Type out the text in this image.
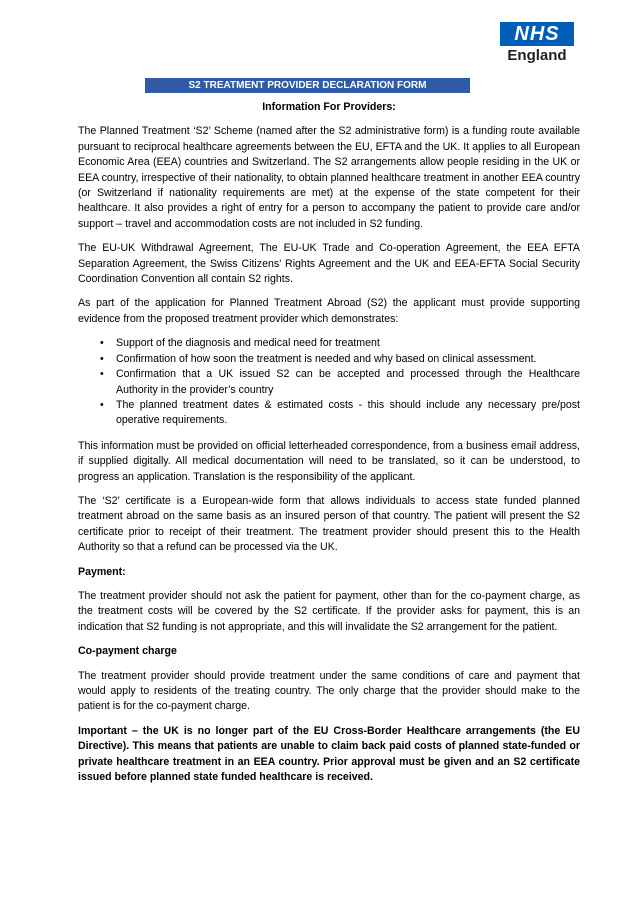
NHS
England
S2 TREATMENT PROVIDER DECLARATION FORM
Information For Providers:

The Planned Treatment ‘S2’ Scheme (named after the S2 administrative form) is a funding route available pursuant to reciprocal healthcare agreements between the EU, EFTA and the UK. It applies to all European Economic Area (EEA) countries and Switzerland. The S2 arrangements allow people residing in the UK or EEA country, irrespective of their nationality, to obtain planned healthcare treatment in another EEA country (or Switzerland if nationality requirements are met) at the expense of the state competent for their healthcare. It also provides a right of entry for a person to accompany the patient to provide care and/or support – travel and accommodation costs are not included in S2 funding.

The EU-UK Withdrawal Agreement, The EU-UK Trade and Co-operation Agreement, the EEA EFTA Separation Agreement, the Swiss Citizens’ Rights Agreement and the UK and EEA-EFTA Social Security Coordination Convention all contain S2 rights.

As part of the application for Planned Treatment Abroad (S2) the applicant must provide supporting evidence from the proposed treatment provider which demonstrates:

• Support of the diagnosis and medical need for treatment
• Confirmation of how soon the treatment is needed and why based on clinical assessment.
• Confirmation that a UK issued S2 can be accepted and processed through the Healthcare Authority in the provider’s country
• The planned treatment dates & estimated costs - this should include any necessary pre/post operative requirements.

This information must be provided on official letterheaded correspondence, from a business email address, if supplied digitally. All medical documentation will need to be translated, so it can be understood, to progress an application. Translation is the responsibility of the applicant.

The ‘S2’ certificate is a European-wide form that allows individuals to access state funded planned treatment abroad on the same basis as an insured person of that country. The patient will present the S2 certificate prior to receipt of their treatment. The treatment provider should present this to the Health Authority so that a refund can be processed via the UK.

Payment:

The treatment provider should not ask the patient for payment, other than for the co-payment charge, as the treatment costs will be covered by the S2 certificate. If the provider asks for payment, this is an indication that S2 funding is not appropriate, and this will invalidate the S2 arrangement for the patient.

Co-payment charge

The treatment provider should provide treatment under the same conditions of care and payment that would apply to residents of the treating country. The only charge that the provider should make to the patient is for the co-payment charge.

Important – the UK is no longer part of the EU Cross-Border Healthcare arrangements (the EU Directive). This means that patients are unable to claim back paid costs of planned state-funded or private healthcare treatment in an EEA country. Prior approval must be given and an S2 certificate issued before planned state funded healthcare is received.
